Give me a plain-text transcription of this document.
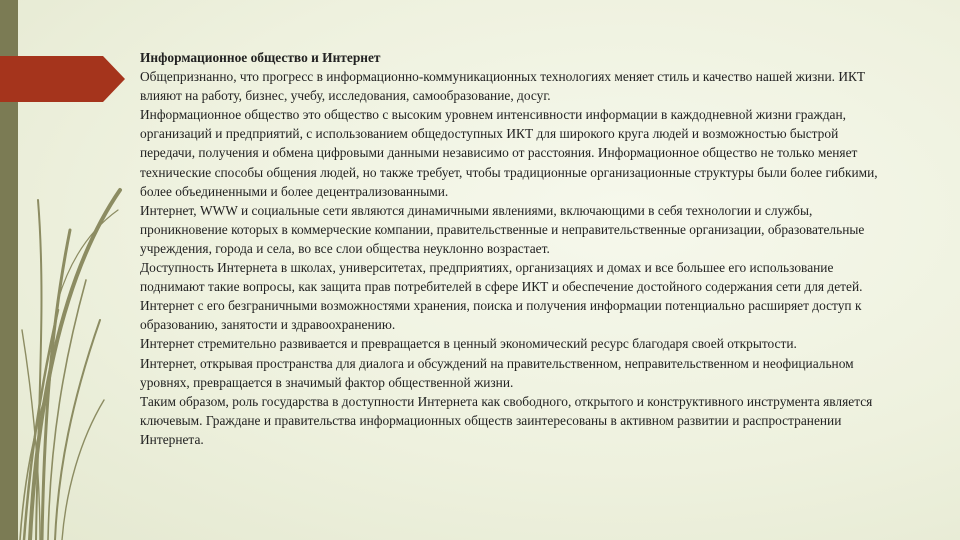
Информационное общество и Интернет

Общепризнанно, что прогресс в информационно-коммуникационных технологиях меняет стиль и качество нашей жизни. ИКТ влияют на работу, бизнес, учебу, исследования, самообразование, досуг.

Информационное общество это общество с высоким уровнем интенсивности информации в каждодневной жизни граждан, организаций и предприятий, с использованием общедоступных ИКТ для широкого круга людей и возможностью быстрой передачи, получения и обмена цифровыми данными независимо от расстояния. Информационное общество не только меняет технические способы общения людей, но также требует, чтобы традиционные организационные структуры были более гибкими, более объединенными и более децентрализованными.

Интернет, WWW и социальные сети являются динамичными явлениями, включающими в себя технологии и службы, проникновение которых в коммерческие компании, правительственные и неправительственные организации, образовательные учреждения, города и села, во все слои общества неуклонно возрастает.

Доступность Интернета в школах, университетах, предприятиях, организациях и домах и все большее его использование поднимают такие вопросы, как защита прав потребителей в сфере ИКТ и обеспечение достойного содержания сети для детей. Интернет с его безграничными возможностями хранения, поиска и получения информации потенциально расширяет доступ к образованию, занятости и здравоохранению.

Интернет стремительно развивается и превращается в ценный экономический ресурс благодаря своей открытости.

Интернет, открывая пространства для диалога и обсуждений на правительственном, неправительственном и неофициальном уровнях, превращается в значимый фактор общественной жизни.

Таким образом, роль государства в доступности Интернета как свободного, открытого и конструктивного инструмента является ключевым. Граждане и правительства информационных обществ заинтересованы в активном развитии и распространении Интернета.
